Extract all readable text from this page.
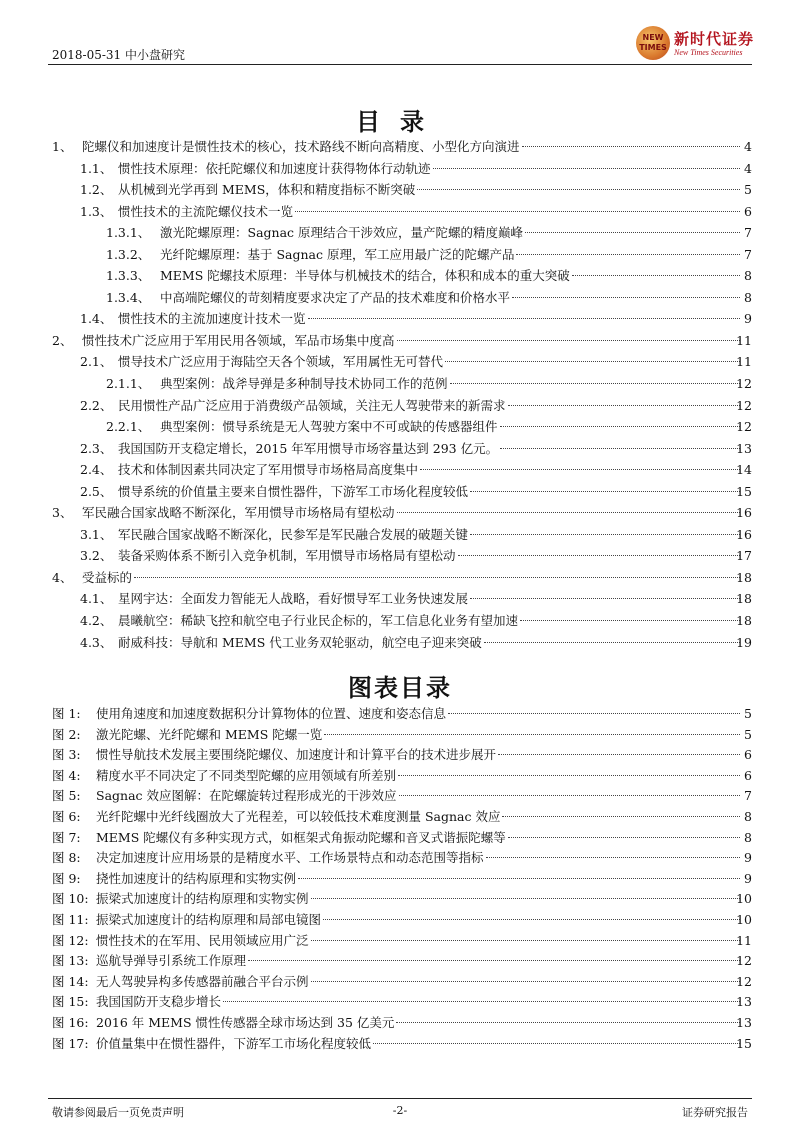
2018-05-31 中小盘研究
NEW TIMES 新时代证券
New Times Securities
目录
1、 陀螺仪和加速度计是惯性技术的核心，技术路线不断向高精度、小型化方向演进	4
1.1、 惯性技术原理：依托陀螺仪和加速度计获得物体行动轨迹	4
1.2、 从机械到光学再到 MEMS，体积和精度指标不断突破	5
1.3、 惯性技术的主流陀螺仪技术一览	6
1.3.1、 激光陀螺原理：Sagnac 原理结合干涉效应，量产陀螺的精度巅峰	7
1.3.2、 光纤陀螺原理：基于 Sagnac 原理，军工应用最广泛的陀螺产品	7
1.3.3、 MEMS 陀螺技术原理：半导体与机械技术的结合，体积和成本的重大突破	8
1.3.4、 中高端陀螺仪的苛刻精度要求决定了产品的技术难度和价格水平	8
1.4、 惯性技术的主流加速度计技术一览	9
2、 惯性技术广泛应用于军用民用各领域，军品市场集中度高	11
2.1、 惯导技术广泛应用于海陆空天各个领域，军用属性无可替代	11
2.1.1、 典型案例：战斧导弹是多种制导技术协同工作的范例	12
2.2、 民用惯性产品广泛应用于消费级产品领域，关注无人驾驶带来的新需求	12
2.2.1、 典型案例：惯导系统是无人驾驶方案中不可或缺的传感器组件	12
2.3、 我国国防开支稳定增长，2015 年军用惯导市场容量达到 293 亿元。	13
2.4、 技术和体制因素共同决定了军用惯导市场格局高度集中	14
2.5、 惯导系统的价值量主要来自惯性器件，下游军工市场化程度较低	15
3、 军民融合国家战略不断深化，军用惯导市场格局有望松动	16
3.1、 军民融合国家战略不断深化，民参军是军民融合发展的破题关键	16
3.2、 装备采购体系不断引入竞争机制，军用惯导市场格局有望松动	17
4、 受益标的	18
4.1、 星网宇达：全面发力智能无人战略，看好惯导军工业务快速发展	18
4.2、 晨曦航空：稀缺飞控和航空电子行业民企标的，军工信息化业务有望加速	18
4.3、 耐威科技：导航和 MEMS 代工业务双轮驱动，航空电子迎来突破	19
图表目录
图 1: 使用角速度和加速度数据积分计算物体的位置、速度和姿态信息	5
图 2: 激光陀螺、光纤陀螺和 MEMS 陀螺一览	5
图 3: 惯性导航技术发展主要围绕陀螺仪、加速度计和计算平台的技术进步展开	6
图 4: 精度水平不同决定了不同类型陀螺的应用领域有所差别	6
图 5: Sagnac 效应图解：在陀螺旋转过程形成光的干涉效应	7
图 6: 光纤陀螺中光纤线圈放大了光程差，可以较低技术难度测量 Sagnac 效应	8
图 7: MEMS 陀螺仪有多种实现方式，如框架式角振动陀螺和音叉式谐振陀螺等	8
图 8: 决定加速度计应用场景的是精度水平、工作场景特点和动态范围等指标	9
图 9: 挠性加速度计的结构原理和实物实例	9
图 10: 振梁式加速度计的结构原理和实物实例	10
图 11: 振梁式加速度计的结构原理和局部电镜图	10
图 12: 惯性技术的在军用、民用领域应用广泛	11
图 13: 巡航导弹导引系统工作原理	12
图 14: 无人驾驶异构多传感器前融合平台示例	12
图 15: 我国国防开支稳步增长	13
图 16: 2016 年 MEMS 惯性传感器全球市场达到 35 亿美元	13
图 17: 价值量集中在惯性器件，下游军工市场化程度较低	15
敬请参阅最后一页免责声明	-2-	证券研究报告
